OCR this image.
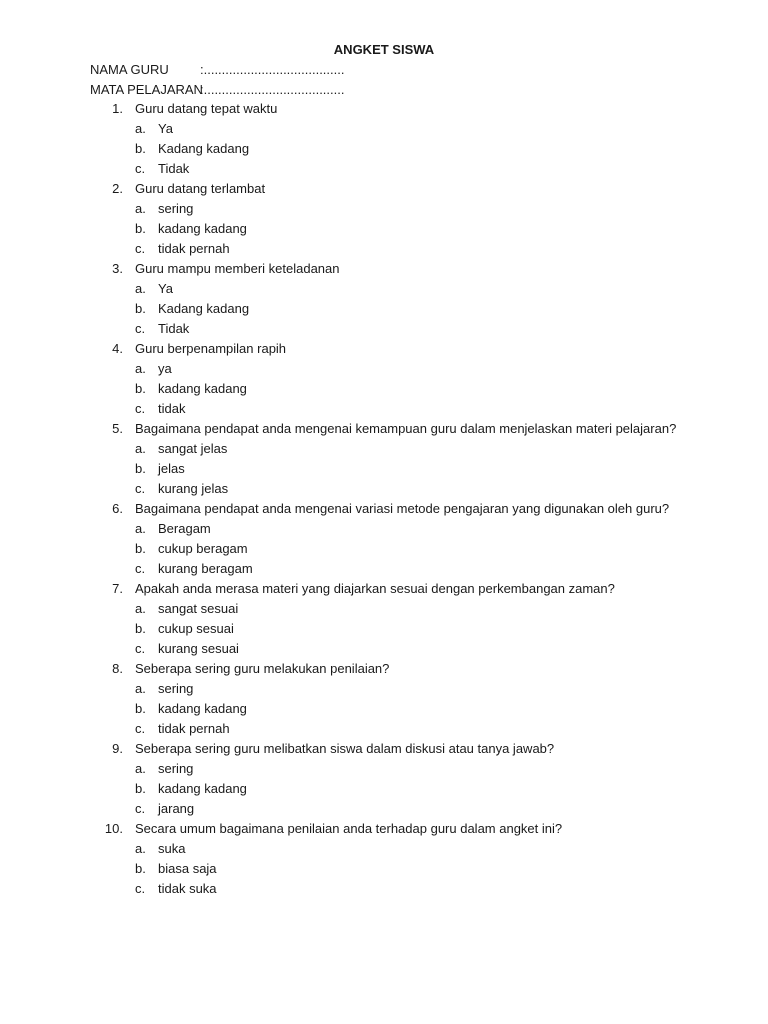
ANGKET SISWA
NAMA GURU :.......................................
MATA PELAJARAN:.......................................
1. Guru datang tepat waktu
a. Ya
b. Kadang kadang
c. Tidak
2. Guru datang terlambat
a. sering
b. kadang kadang
c. tidak pernah
3. Guru mampu memberi keteladanan
a. Ya
b. Kadang kadang
c. Tidak
4. Guru berpenampilan rapih
a. ya
b. kadang kadang
c. tidak
5. Bagaimana pendapat anda mengenai kemampuan guru dalam menjelaskan materi pelajaran?
a. sangat jelas
b. jelas
c. kurang jelas
6. Bagaimana pendapat anda mengenai variasi metode pengajaran yang digunakan oleh guru?
a. Beragam
b. cukup beragam
c. kurang beragam
7. Apakah anda merasa materi yang diajarkan sesuai dengan perkembangan zaman?
a. sangat sesuai
b. cukup sesuai
c. kurang sesuai
8. Seberapa sering guru melakukan penilaian?
a. sering
b. kadang kadang
c. tidak pernah
9. Seberapa sering guru melibatkan siswa dalam diskusi atau tanya jawab?
a. sering
b. kadang kadang
c. jarang
10. Secara umum bagaimana penilaian anda terhadap guru dalam angket ini?
a. suka
b. biasa saja
c. tidak suka
